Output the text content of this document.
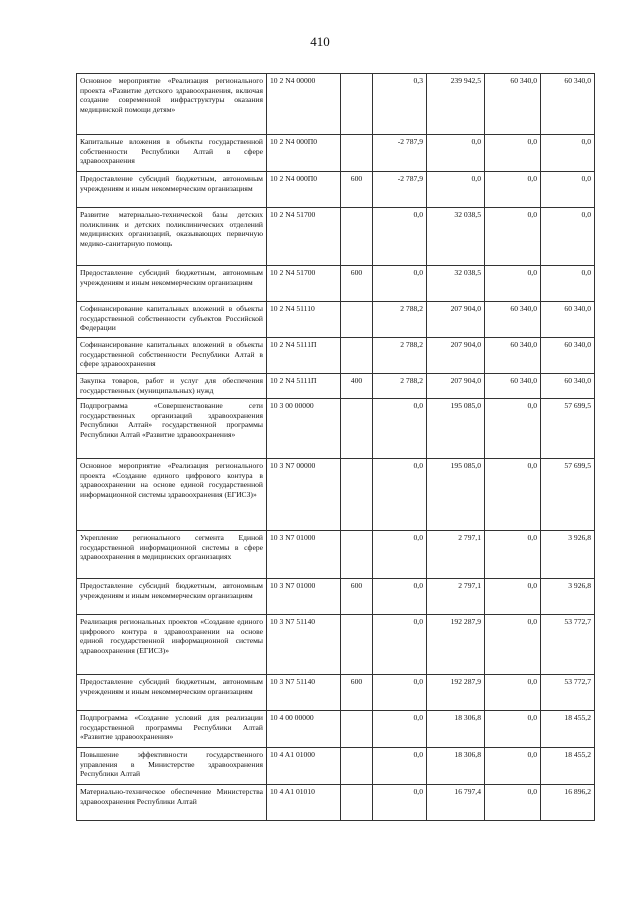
410
Основное мероприятие «Реализация регионального проекта «Развитие детского здравоохранения, включая создание современной инфраструктуры оказания медицинской помощи детям»	10 2 N4 00000		0,3	239 942,5	60 340,0	60 340,0
Капитальные вложения в объекты государственной собственности Республики Алтай в сфере здравоохранения	10 2 N4 000П0		-2 787,9	0,0	0,0	0,0
Предоставление субсидий бюджетным, автономным учреждениям и иным некоммерческим организациям	10 2 N4 000П0	600	-2 787,9	0,0	0,0	0,0
Развитие материально-технической базы детских поликлиник и детских поликлинических отделений медицинских организаций, оказывающих первичную медико-санитарную помощь	10 2 N4 51700		0,0	32 038,5	0,0	0,0
Предоставление субсидий бюджетным, автономным учреждениям и иным некоммерческим организациям	10 2 N4 51700	600	0,0	32 038,5	0,0	0,0
Софинансирование капитальных вложений в объекты государственной собственности субъектов Российской Федерации	10 2 N4 51110		2 788,2	207 904,0	60 340,0	60 340,0
Софинансирование капитальных вложений в объекты государственной собственности Республики Алтай в сфере здравоохранения	10 2 N4 5111П		2 788,2	207 904,0	60 340,0	60 340,0
Закупка товаров, работ и услуг для обеспечения государственных (муниципальных) нужд	10 2 N4 5111П	400	2 788,2	207 904,0	60 340,0	60 340,0
Подпрограмма «Совершенствование сети государственных организаций здравоохранения Республики Алтай» государственной программы Республики Алтай «Развитие здравоохранения»	10 3 00 00000		0,0	195 085,0	0,0	57 699,5
Основное мероприятие «Реализация регионального проекта «Создание единого цифрового контура в здравоохранении на основе единой государственной информационной системы здравоохранения (ЕГИСЗ)»	10 3 N7 00000		0,0	195 085,0	0,0	57 699,5
Укрепление регионального сегмента Единой государственной информационной системы в сфере здравоохранения в медицинских организациях	10 3 N7 01000		0,0	2 797,1	0,0	3 926,8
Предоставление субсидий бюджетным, автономным учреждениям и иным некоммерческим организациям	10 3 N7 01000	600	0,0	2 797,1	0,0	3 926,8
Реализация региональных проектов «Создание единого цифрового контура в здравоохранении на основе единой государственной информационной системы здравоохранения (ЕГИСЗ)»	10 3 N7 51140		0,0	192 287,9	0,0	53 772,7
Предоставление субсидий бюджетным, автономным учреждениям и иным некоммерческим организациям	10 3 N7 51140	600	0,0	192 287,9	0,0	53 772,7
Подпрограмма «Создание условий для реализации государственной программы Республики Алтай «Развитие здравоохранения»	10 4 00 00000		0,0	18 306,8	0,0	18 455,2
Повышение эффективности государственного управления в Министерстве здравоохранения Республики Алтай	10 4 A1 01000		0,0	18 306,8	0,0	18 455,2
Материально-техническое обеспечение Министерства здравоохранения Республики Алтай	10 4 A1 01010		0,0	16 797,4	0,0	16 896,2
